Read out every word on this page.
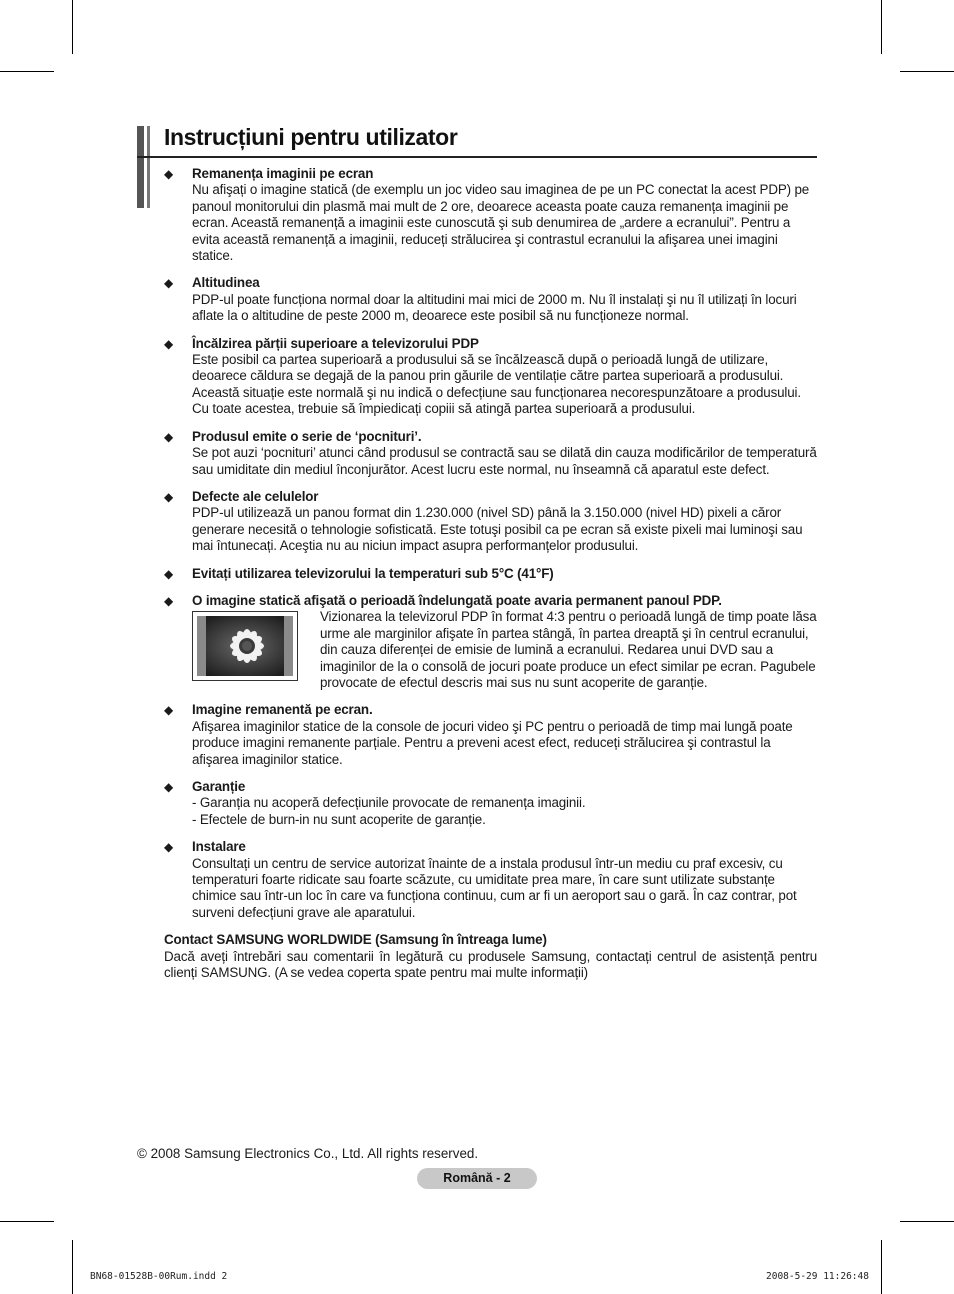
Instrucțiuni pentru utilizator
◆ Remanența imaginii pe ecran
Nu afişați o imagine statică (de exemplu un joc video sau imaginea de pe un PC conectat la acest PDP) pe panoul monitorului din plasmă mai mult de 2 ore, deoarece aceasta poate cauza remanența imaginii pe ecran. Această remanență a imaginii este cunoscută şi sub denumirea de „ardere a ecranului”. Pentru a evita această remanență a imaginii, reduceți strălucirea şi contrastul ecranului la afişarea unei imagini statice.
◆ Altitudinea
PDP-ul poate funcționa normal doar la altitudini mai mici de 2000 m. Nu îl instalați şi nu îl utilizați în locuri aflate la o altitudine de peste 2000 m, deoarece este posibil să nu funcționeze normal.
◆ Încălzirea părții superioare a televizorului PDP
Este posibil ca partea superioară a produsului să se încălzească după o perioadă lungă de utilizare, deoarece căldura se degajă de la panou prin găurile de ventilație către partea superioară a produsului. Această situație este normală şi nu indică o defecțiune sau funcționarea necorespunzătoare a produsului. Cu toate acestea, trebuie să împiedicați copiii să atingă partea superioară a produsului.
◆ Produsul emite o serie de ‘pocnituri’.
Se pot auzi ‘pocnituri’ atunci când produsul se contractă sau se dilată din cauza modificărilor de temperatură sau umiditate din mediul înconjurător. Acest lucru este normal, nu înseamnă că aparatul este defect.
◆ Defecte ale celulelor
PDP-ul utilizează un panou format din 1.230.000 (nivel SD) până la 3.150.000 (nivel HD) pixeli a căror generare necesită o tehnologie sofisticată. Este totuşi posibil ca pe ecran să existe pixeli mai luminoşi sau mai întunecați. Aceştia nu au niciun impact asupra performanțelor produsului.
◆ Evitați utilizarea televizorului la temperaturi sub 5°C (41°F)
◆ O imagine statică afişată o perioadă îndelungată poate avaria permanent panoul PDP.
Vizionarea la televizorul PDP în format 4:3 pentru o perioadă lungă de timp poate lăsa urme ale marginilor afişate în partea stângă, în partea dreaptă şi în centrul ecranului, din cauza diferenței de emisie de lumină a ecranului. Redarea unui DVD sau a imaginilor de la o consolă de jocuri poate produce un efect similar pe ecran. Pagubele provocate de efectul descris mai sus nu sunt acoperite de garanție.
◆ Imagine remanentă pe ecran.
Afişarea imaginilor statice de la console de jocuri video şi PC pentru o perioadă de timp mai lungă poate produce imagini remanente parțiale. Pentru a preveni acest efect, reduceți strălucirea şi contrastul la afişarea imaginilor statice.
◆ Garanție
- Garanția nu acoperă defecțiunile provocate de remanența imaginii.
- Efectele de burn-in nu sunt acoperite de garanție.
◆ Instalare
Consultați un centru de service autorizat înainte de a instala produsul într-un mediu cu praf excesiv, cu temperaturi foarte ridicate sau foarte scăzute, cu umiditate prea mare, în care sunt utilizate substanțe chimice sau într-un loc în care va funcționa continuu, cum ar fi un aeroport sau o gară. În caz contrar, pot surveni defecțiuni grave ale aparatului.
Contact SAMSUNG WORLDWIDE (Samsung în întreaga lume)
Dacă aveți întrebări sau comentarii în legătură cu produsele Samsung, contactați centrul de asistență pentru clienți SAMSUNG. (A se vedea coperta spate pentru mai multe informații)
© 2008 Samsung Electronics Co., Ltd. All rights reserved.
Română - 2
BN68-01528B-00Rum.indd 2	2008-5-29 11:26:48
